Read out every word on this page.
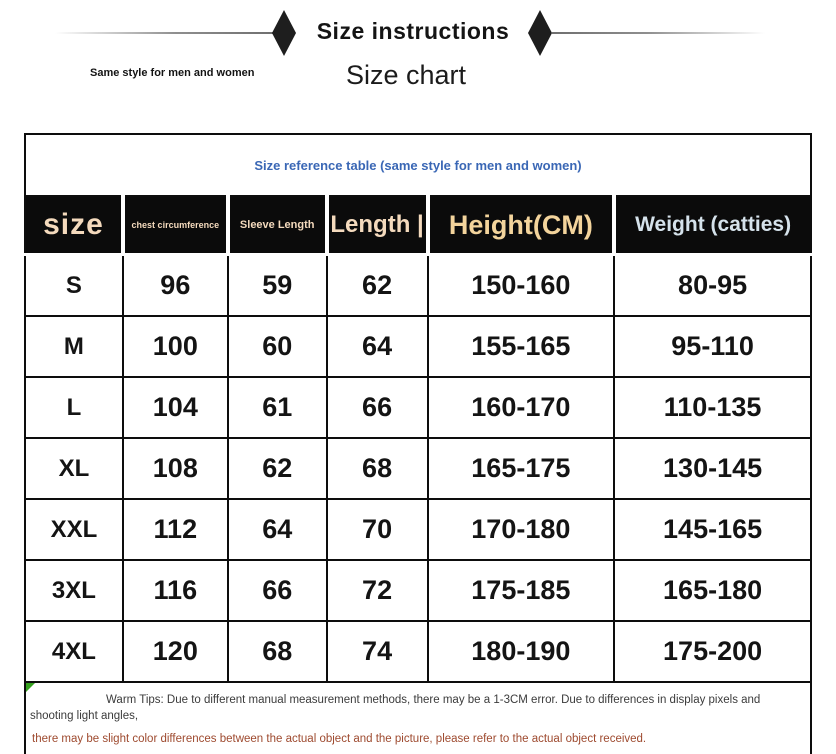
Size instructions
Same style for men and women	Size chart
Size reference table (same style for men and women)					
size	chest circumference	Sleeve Length	Length |	Height(CM)	Weight (catties)
S	96	59	62	150-160	80-95
M	100	60	64	155-165	95-110
L	104	61	66	160-170	110-135
XL	108	62	68	165-175	130-145
XXL	112	64	70	170-180	145-165
3XL	116	66	72	175-185	165-180
4XL	120	68	74	180-190	175-200

Warm Tips: Due to different manual measurement methods, there may be a 1-3CM error. Due to differences in display pixels and shooting light angles,
there may be slight color differences between the actual object and the picture, please refer to the actual object received.					
